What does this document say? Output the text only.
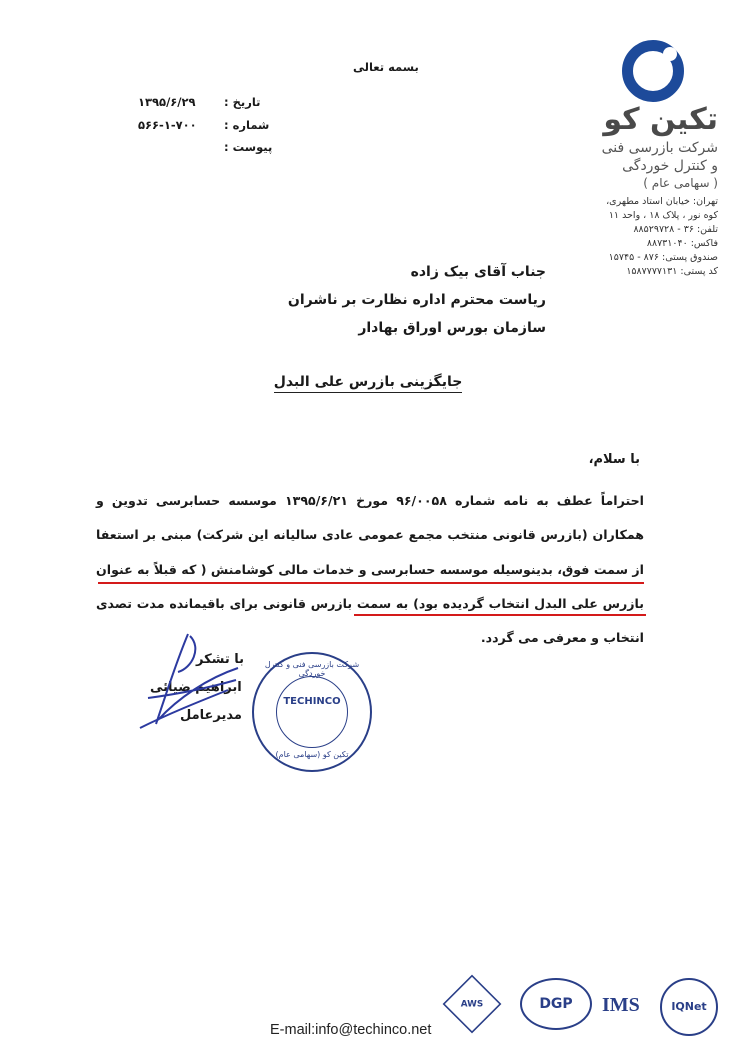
بسمه تعالی
تاریخ :
۱۳۹۵/۶/۲۹
شماره :
۵۶۶-۱-۷۰۰
پیوست :
تکین کو
شرکت بازرسی فنی
و کنترل خوردگی
( سهامی عام )
تهران: خیابان استاد مطهری،
کوه نور ، پلاک ۱۸ ، واحد ۱۱
تلفن: ۳۶ - ۸۸۵۲۹۷۲۸
فاکس: ۸۸۷۳۱۰۴۰
صندوق پستی: ۸۷۶ - ۱۵۷۴۵
کد پستی: ۱۵۸۷۷۷۷۱۳۱
جناب آقای بیک زاده
ریاست محترم اداره نظارت بر ناشران
سازمان بورس اوراق بهادار
جایگزینی بازرس علی البدل
با سلام،

احتراماً عطف به نامه شماره ۹۶/۰۰۵۸ مورخ ۱۳۹۵/۶/۲۱ موسسه حسابرسی تدوین و همکاران (بازرس قانونی منتخب مجمع عمومی عادی سالیانه این شرکت) مبنی بر استعفا از سمت فوق، بدینوسیله موسسه حسابرسی و خدمات مالی کوشامنش ( که قبلاً به عنوان بازرس علی البدل انتخاب گردیده بود) به سمت بازرس قانونی برای باقیمانده مدت تصدی انتخاب و معرفی می گردد.

با تشکر
ابراهیم ضیائی
مدیرعامل
شرکت بازرسی فنی و کنترل خوردگی
TECHINCO
تکین کو (سهامی عام)
E-mail:info@techinco.net
AWS	DGP	IMS	IQNet
